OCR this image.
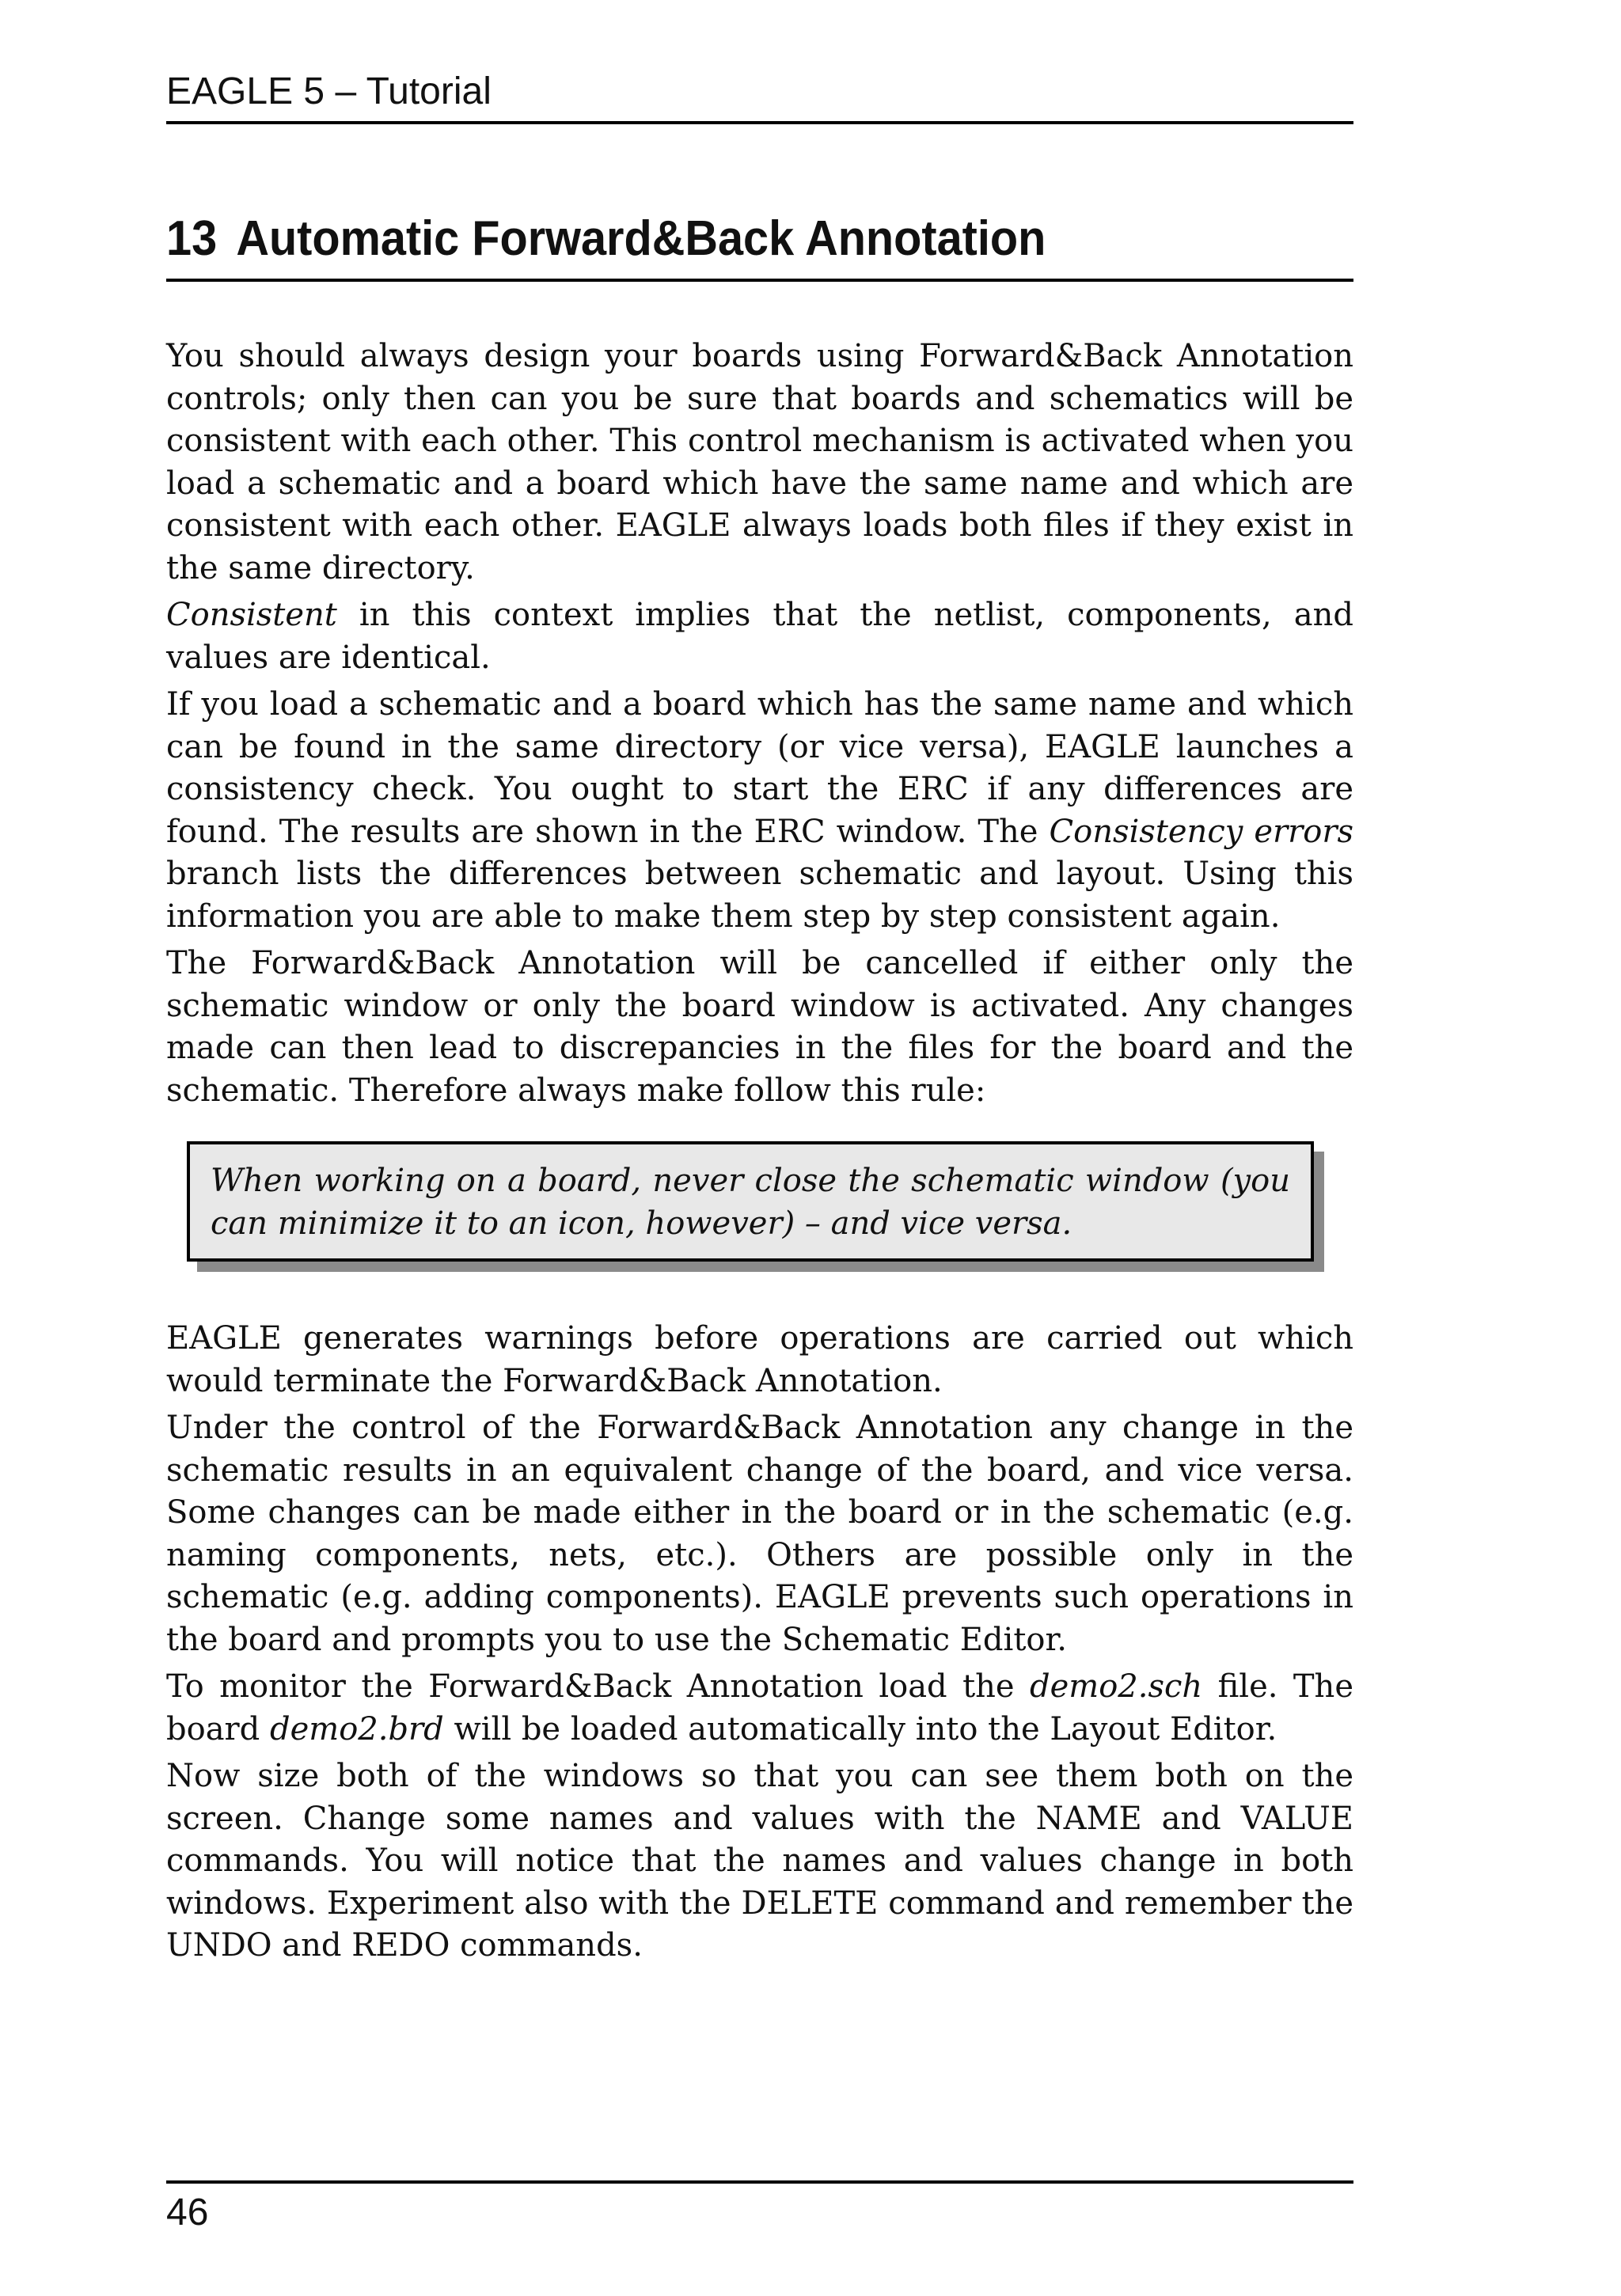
EAGLE 5 – Tutorial
13 Automatic Forward&Back Annotation

You should always design your boards using Forward&Back Annotation controls; only then can you be sure that boards and schematics will be consistent with each other. This control mechanism is activated when you load a schematic and a board which have the same name and which are consistent with each other. EAGLE always loads both files if they exist in the same directory.

Consistent in this context implies that the netlist, components, and values are identical.

If you load a schematic and a board which has the same name and which can be found in the same directory (or vice versa), EAGLE launches a consistency check. You ought to start the ERC if any differences are found. The results are shown in the ERC window. The Consistency errors branch lists the differences between schematic and layout. Using this information you are able to make them step by step consistent again.

The Forward&Back Annotation will be cancelled if either only the schematic window or only the board window is activated. Any changes made can then lead to discrepancies in the files for the board and the schematic. Therefore always make follow this rule:

When working on a board, never close the schematic window (you can minimize it to an icon, however) – and vice versa.

EAGLE generates warnings before operations are carried out which would terminate the Forward&Back Annotation.

Under the control of the Forward&Back Annotation any change in the schematic results in an equivalent change of the board, and vice versa. Some changes can be made either in the board or in the schematic (e.g. naming components, nets, etc.). Others are possible only in the schematic (e.g. adding components). EAGLE prevents such operations in the board and prompts you to use the Schematic Editor.

To monitor the Forward&Back Annotation load the demo2.sch file. The board demo2.brd will be loaded automatically into the Layout Editor.

Now size both of the windows so that you can see them both on the screen. Change some names and values with the NAME and VALUE commands. You will notice that the names and values change in both windows. Experiment also with the DELETE command and remember the UNDO and REDO commands.

46
